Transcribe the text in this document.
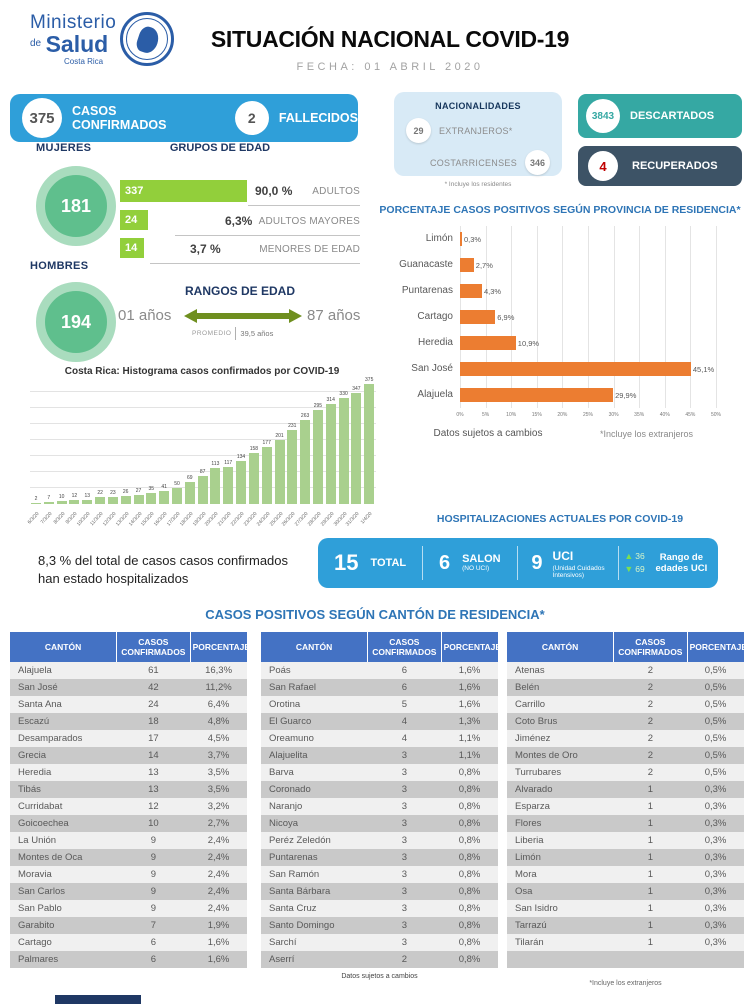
Ministerio
$^{de}$ Salud
Costa Rica
SITUACIÓN NACIONAL COVID-19
FECHA: 01 ABRIL 2020
375	CASOS CONFIRMADOS	2	FALLECIDOS
NACIONALIDADES
29	EXTRANJEROS*
COSTARRICENSES	346
* Incluye los residentes
3843	DESCARTADOS
4	RECUPERADOS
MUJERES
181
HOMBRES
194
GRUPOS DE EDAD
337	90,0 % ADULTOS
24	6,3% ADULTOS MAYORES
14	3,7 %	MENORES DE EDAD
RANGOS DE EDAD
01 años	87 años
PROMEDIO 39,5 años
Costa Rica: Histograma casos confirmados por COVID-19
2	7	10	12	13	22	23	26	27	35	41	50
69
87
113 117
134
158
177
201
231
263
295
314
330
347
375
6/3/20 7/3/20 8/3/20 9/3/20
10/3/20
11/3/20
12/3/20
13/3/20
14/3/20
15/3/20
16/3/20
17/3/20
18/3/20
19/3/20
20/3/20
21/3/20
22/3/20
23/3/20
24/3/20
25/3/20
26/3/20
27/3/20
28/3/20
29/3/20
30/3/20
31/3/20 1/4/20
PORCENTAJE CASOS POSITIVOS SEGÚN PROVINCIA DE RESIDENCIA*
0%	5%	10%	15%	20%	25%	30%	35%	40%	45%	50%
Limón 0,3%
Guanacaste	2,7%
Puntarenas	4,3%
Cartago	6,9%
Heredia	10,9%
San José	45,1%
Alajuela	29,9%
Datos sujetos a cambios	*Incluye los extranjeros
HOSPITALIZACIONES ACTUALES POR COVID-19
15 TOTAL 6 SALON
(NO UCI)	9 UCI
(Unidad Cuidados Intensivos)
▲ 36
▼ 69
Rango de edades UCI
8,3 % del total de casos casos confirmados
han estado hospitalizados
CASOS POSITIVOS SEGÚN CANTÓN DE RESIDENCIA*
CANTÓN	CASOS CONFIRMADOS	PORCENTAJE
Alajuela	61	16,3%
San José	42	11,2%
Santa Ana	24	6,4%
Escazú	18	4,8%
Desamparados	17	4,5%
Grecia	14	3,7%
Heredia	13	3,5%
Tibás	13	3,5%
Curridabat	12	3,2%
Goicoechea	10	2,7%
La Unión	9	2,4%
Montes de Oca	9	2,4%
Moravia	9	2,4%
San Carlos	9	2,4%
San Pablo	9	2,4%
Garabito	7	1,9%
Cartago	6	1,6%
Palmares	6	1,6%
CANTÓN	CASOS CONFIRMADOS	PORCENTAJE
Poás	6	1,6%
San Rafael	6	1,6%
Orotina	5	1,6%
El Guarco	4	1,3%
Oreamuno	4	1,1%
Alajuelita	3	1,1%
Barva	3	0,8%
Coronado	3	0,8%
Naranjo	3	0,8%
Nicoya	3	0,8%
Peréz Zeledón	3	0,8%
Puntarenas	3	0,8%
San Ramón	3	0,8%
Santa Bárbara	3	0,8%
Santa Cruz	3	0,8%
Santo Domingo	3	0,8%
Sarchí	3	0,8%
Aserrí	2	0,8%
CANTÓN	CASOS CONFIRMADOS	PORCENTAJE
Atenas	2	0,5%
Belén	2	0,5%
Carrillo	2	0,5%
Coto Brus	2	0,5%
Jiménez	2	0,5%
Montes de Oro	2	0,5%
Turrubares	2	0,5%
Alvarado	1	0,3%
Esparza	1	0,3%
Flores	1	0,3%
Liberia	1	0,3%
Limón	1	0,3%
Mora	1	0,3%
Osa	1	0,3%
San Isidro	1	0,3%
Tarrazú	1	0,3%
Tilarán	1	0,3%

Datos sujetos a cambios
*Incluye los extranjeros
